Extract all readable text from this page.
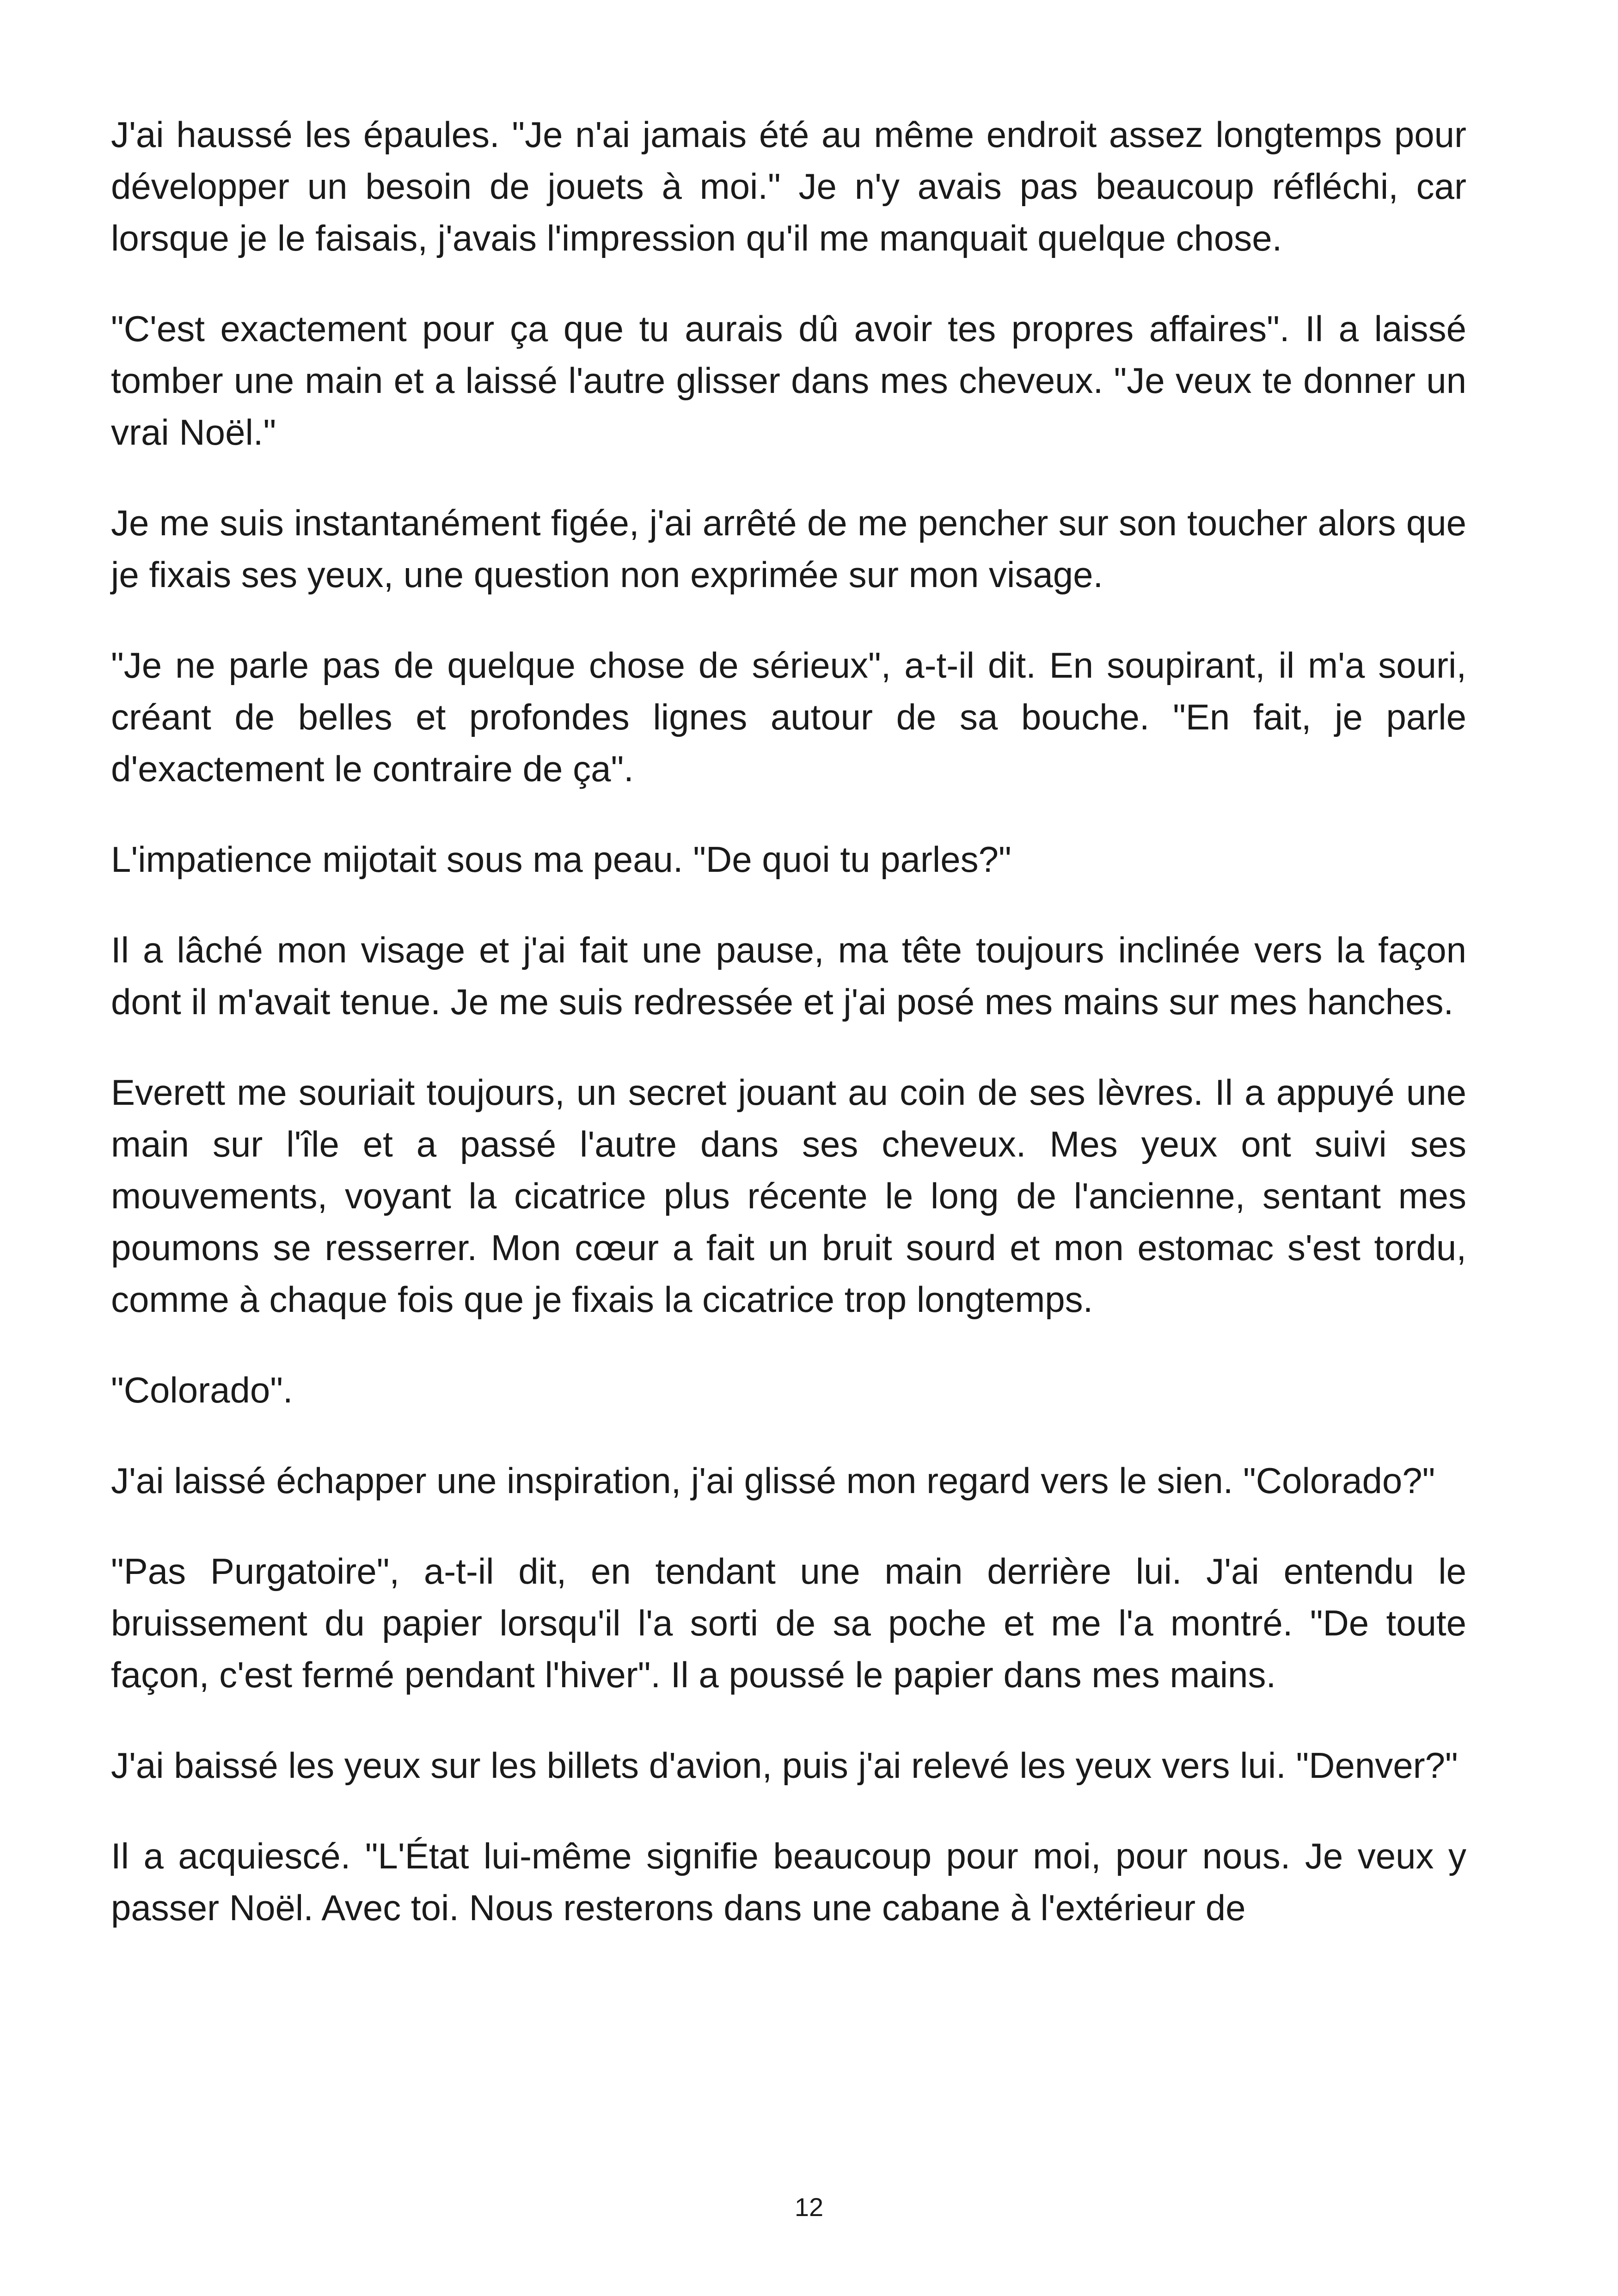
J'ai haussé les épaules. "Je n'ai jamais été au même endroit assez longtemps pour développer un besoin de jouets à moi." Je n'y avais pas beaucoup réfléchi, car lorsque je le faisais, j'avais l'impression qu'il me manquait quelque chose.

"C'est exactement pour ça que tu aurais dû avoir tes propres affaires". Il a laissé tomber une main et a laissé l'autre glisser dans mes cheveux. "Je veux te donner un vrai Noël."

Je me suis instantanément figée, j'ai arrêté de me pencher sur son toucher alors que je fixais ses yeux, une question non exprimée sur mon visage.

"Je ne parle pas de quelque chose de sérieux", a-t-il dit. En soupirant, il m'a souri, créant de belles et profondes lignes autour de sa bouche. "En fait, je parle d'exactement le contraire de ça".

L'impatience mijotait sous ma peau. "De quoi tu parles?"

Il a lâché mon visage et j'ai fait une pause, ma tête toujours inclinée vers la façon dont il m'avait tenue. Je me suis redressée et j'ai posé mes mains sur mes hanches.

Everett me souriait toujours, un secret jouant au coin de ses lèvres. Il a appuyé une main sur l'île et a passé l'autre dans ses cheveux. Mes yeux ont suivi ses mouvements, voyant la cicatrice plus récente le long de l'ancienne, sentant mes poumons se resserrer. Mon cœur a fait un bruit sourd et mon estomac s'est tordu, comme à chaque fois que je fixais la cicatrice trop longtemps.

"Colorado".

J'ai laissé échapper une inspiration, j'ai glissé mon regard vers le sien. "Colorado?"

"Pas Purgatoire", a-t-il dit, en tendant une main derrière lui. J'ai entendu le bruissement du papier lorsqu'il l'a sorti de sa poche et me l'a montré. "De toute façon, c'est fermé pendant l'hiver". Il a poussé le papier dans mes mains.

J'ai baissé les yeux sur les billets d'avion, puis j'ai relevé les yeux vers lui. "Denver?"

Il a acquiescé. "L'État lui-même signifie beaucoup pour moi, pour nous. Je veux y passer Noël. Avec toi. Nous resterons dans une cabane à l'extérieur de

12
